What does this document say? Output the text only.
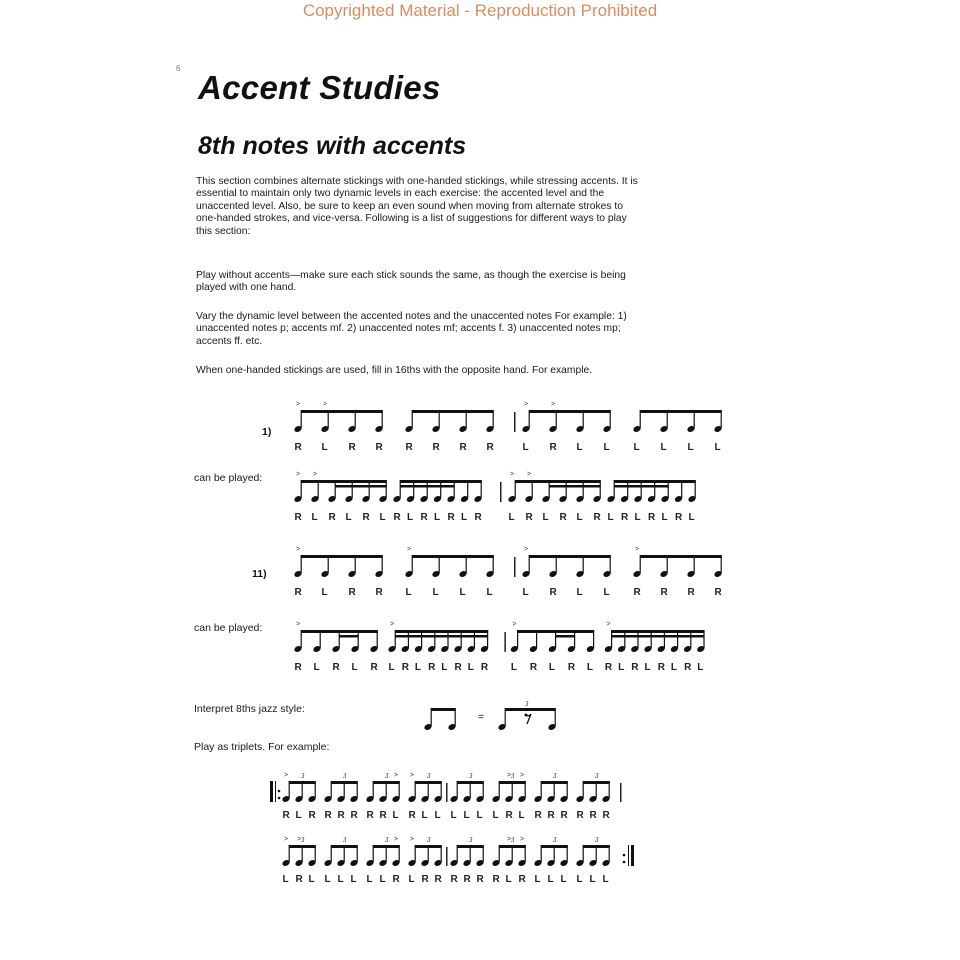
Copyrighted Material - Reproduction Prohibited
6
Accent Studies
8th notes with accents

This section combines alternate stickings with one-handed stickings, while stressing accents. It is essential to maintain only two dynamic levels in each exercise: the accented level and the unaccented level. Also, be sure to keep an even sound when moving from alternate strokes to one-handed strokes, and vice-versa. Following is a list of suggestions for different ways to play this section:

Play without accents—make sure each stick sounds the same, as though the exercise is being played with one hand.

Vary the dynamic level between the accented notes and the unaccented notes For example: 1) unaccented notes p; accents mf. 2) unaccented notes mf; accents f. 3) unaccented notes mp; accents ff. etc.

When one-handed stickings are used, fill in 16ths with the opposite hand. For example.

1)
can be played:
11)
can be played:
Interpret 8ths jazz style:
Play as triplets. For example:
R
>
L
>
R R R R R R	L
>
R
>
L L L L L L
R
>
L
>
R L R L R L R L R L R	L
>
R
>
L R L R L R L R L R L
R
>
L R R L
>
L L L	L
>
R L L R
>
R R R
R
>
L R L R L
>
R L R L R L R L
>
R L R L R
>
L R L R L R L
R
>
L R
3
R R R
3
R R L
>
3
R
>
L L
3
L L L
3
L R
>
L
>
3
R R R
3
R R R
3
L
>
R
>
L
3
L L L
3
L L R
>
3
L
>
R R
3
R R R
3
R L
>
R
>
3
L L L
3
L L L
3
=
3
